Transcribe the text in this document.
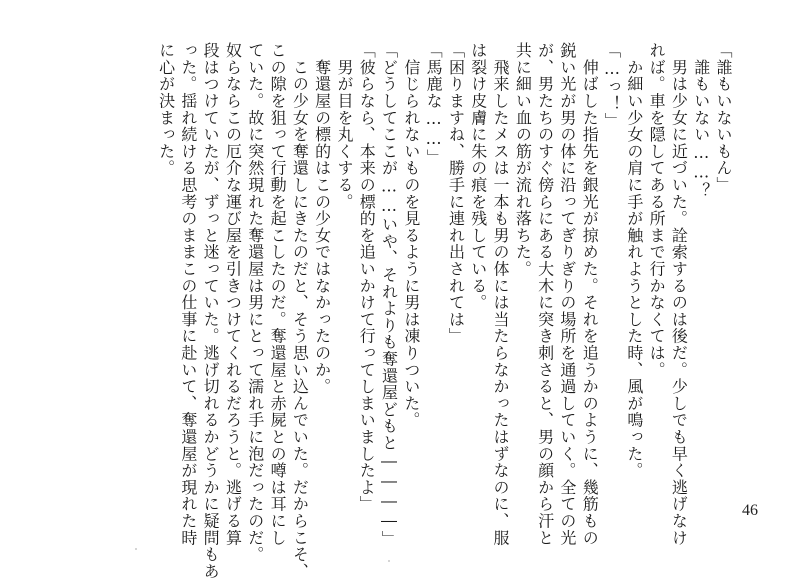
「誰もいないもん」
　誰もいない……？
　男は少女に近づいた。詮索するのは後だ。少しでも早く逃げなけ
れば。車を隠してある所まで行かなくては。
　か細い少女の肩に手が触れようとした時、風が鳴った。
「…っ！」
　伸ばした指先を銀光が掠めた。それを追うかのように、幾筋もの
鋭い光が男の体に沿ってぎりぎりの場所を通過していく。全ての光
が、男たちのすぐ傍らにある大木に突き刺さると、男の顔から汗と
共に細い血の筋が流れ落ちた。
　飛来したメスは一本も男の体には当たらなかったはずなのに、服
は裂け皮膚に朱の痕を残している。
「困りますね、勝手に連れ出されては」
「馬鹿な……」
　信じられないものを見るように男は凍りついた。
「どうしてここが……いや、それよりも奪還屋どもと――――」
「彼らなら、本来の標的を追いかけて行ってしまいましたよ」
　男が目を丸くする。
　奪還屋の標的はこの少女ではなかったのか。
　この少女を奪還しにきたのだと、そう思い込んでいた。だからこそ、
この隙を狙って行動を起こしたのだ。奪還屋と赤屍との噂は耳にし
ていた。故に突然現れた奪還屋は男にとって濡れ手に泡だったのだ。
奴らならこの厄介な運び屋を引きつけてくれるだろうと。逃げる算
段はつけていたが、ずっと迷っていた。逃げ切れるかどうかに疑問もあ
った。揺れ続ける思考のままこの仕事に赴いて、奪還屋が現れた時
に心が決まった。
46
